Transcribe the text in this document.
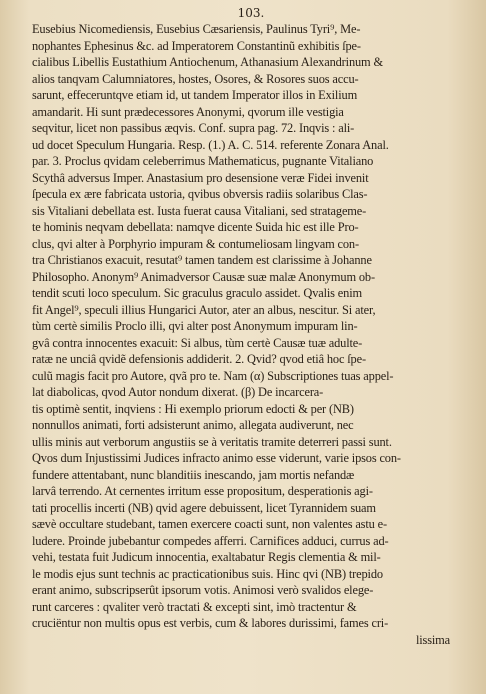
103.
Eusebius Nicomediensis, Eusebius Cæsariensis, Paulinus Tyri⁹, Me-
nophantes Ephesinus &c. ad Imperatorem Constantinũ exhibitis ſpe-
cialibus Libellis Eustathium Antiochenum, Athanasium Alexandrinum &
alios tanqvam Calumniatores, hostes, Osores, & Rosores suos accu-
sarunt, effeceruntqve etiam id, ut tandem Imperator illos in Exilium
amandarit. Hi sunt prædecessores Anonymi, qvorum ille vestigia
seqvitur, licet non passibus æqvis. Conf. supra pag. 72. Inqvis : ali-
ud docet Speculum Hungaria. Resp. (1.) A. C. 514. referente Zonara Anal.
par. 3. Proclus qvidam celeberrimus Mathematicus, pugnante Vitaliano
Scythâ adversus Imper. Anastasium pro desensione veræ Fidei invenit
ſpecula ex ære fabricata ustoria, qvibus obversis radiis solaribus Clas-
sis Vitaliani debellata est. Iusta fuerat causa Vitaliani, sed stratageme-
te hominis neqvam debellata: namqve dicente Suida hic est ille Pro-
clus, qvi alter à Porphyrio impuram & contumeliosam lingvam con-
tra Christianos exacuit, resutat⁹ tamen tandem est clarissime à Johanne
Philosopho. Anonym⁹ Animadversor Causæ suæ malæ Anonymum ob-
tendit scuti loco speculum. Sic graculus graculo assidet. Qvalis enim
fit Angel⁹, speculi illius Hungarici Autor, ater an albus, nescitur. Si ater,
tùm certè similis Proclo illi, qvi alter post Anonymum impuram lin-
gvâ contra innocentes exacuit: Si albus, tùm certè Causæ tuæ adulte-
ratæ ne unciâ qvidẽ defensionis addiderit. 2. Qvid? qvod etiâ hoc ſpe-
culũ magis facit pro Autore, qvã pro te. Nam (α) Subscriptiones tuas appel-
lat diabolicas, qvod Autor nondum dixerat. (β) De incarcera-
tis optimè sentit, inqviens : Hi exemplo priorum edocti & per (NB)
nonnullos animati, forti adsisterunt animo, allegata audiverunt, nec
ullis minis aut verborum angustiis se à veritatis tramite deterreri passi sunt.
Qvos dum Injustissimi Judices infracto animo esse viderunt, varie ipsos con-
fundere attentabant, nunc blanditiis inescando, jam mortis nefandæ
larvâ terrendo. At cernentes irritum esse propositum, desperationis agi-
tati procellis incerti (NB) qvid agere debuissent, licet Tyrannidem suam
sævè occultare studebant, tamen exercere coacti sunt, non valentes astu e-
ludere. Proinde jubebantur compedes afferri. Carnifices adduci, currus ad-
vehi, testata fuit Judicum innocentia, exaltabatur Regis clementia & mil-
le modis ejus sunt technis ac practicationibus suis. Hinc qvi (NB) trepido
erant animo, subscripserût ipsorum votis. Animosi verò svalidos elege-
runt carceres : qvaliter verò tractati & excepti sint, imò tractentur &
cruciëntur non multis opus est verbis, cum & labores durissimi, fames cri-
lissima
